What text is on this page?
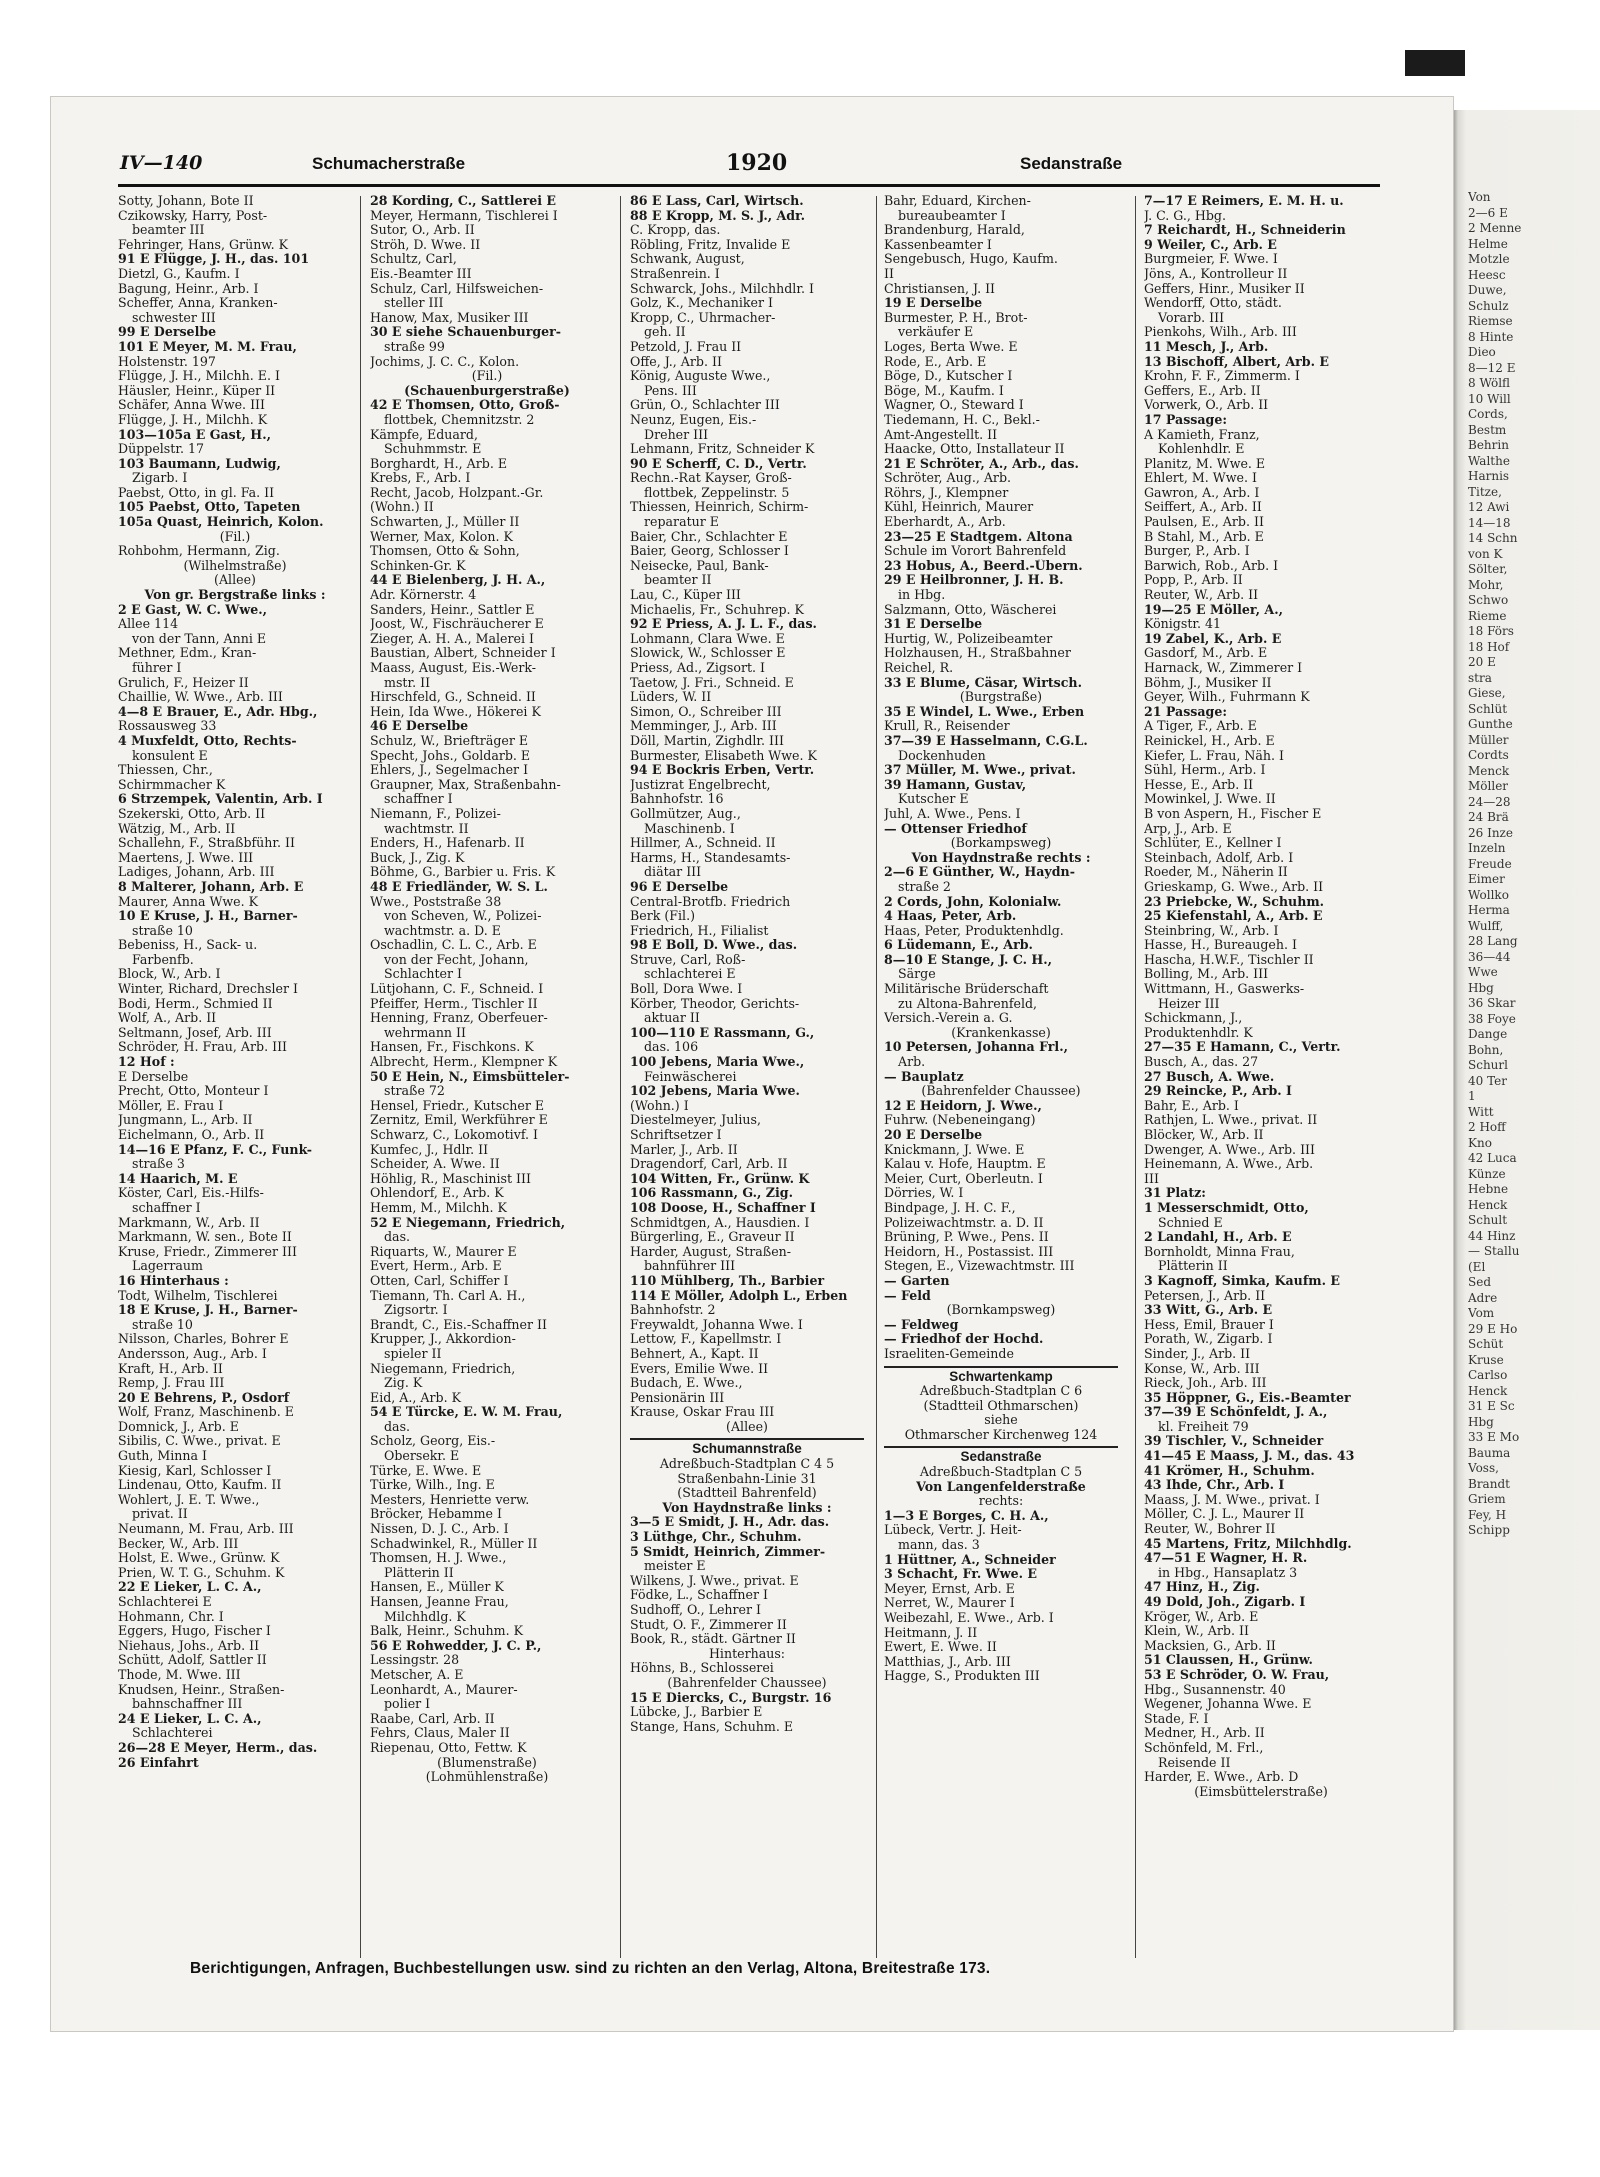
Von
2—6 E
2 Menne
Helme
Motzle
Heesc
Duwe,
Schulz
Riemse
8 Hinte
Dieo
8—12 E
8 Wölfl
10 Will
Cords,
Bestm
Behrin
Walthe
Harnis
Titze,
12 Awi
14—18
14 Schn
von K
Sölter,
Mohr,
Schwo
Rieme
18 Förs
18 Hof
20 E
stra
Giese,
Schlüt
Gunthe
Müller
Cordts
Menck
Möller
24—28
24 Brä
26 Inze
Inzeln
Freude
Eimer
Wollko
Herma
Wulff,
28 Lang
36—44
Wwe
Hbg
36 Skar
38 Foye
Dange
Bohn,
Schurl
40 Ter
1
Witt
2 Hoff
Kno
42 Luca
Künze
Hebne
Henck
Schult
44 Hinz
— Stallu
(El
Sed
Adre
Vom
29 E Ho
Schüt
Kruse
Carlso
Henck
31 E Sc
Hbg
33 E Mo
Bauma
Voss,
Brandt
Griem
Fey, H
Schipp
IV—140	Schumacherstraße	1920	Sedanstraße
Sotty, Johann, Bote II
Czikowsky, Harry, Post-
beamter III
Fehringer, Hans, Grünw. K
91 E Flügge, J. H., das. 101
Dietzl, G., Kaufm. I
Bagung, Heinr., Arb. I
Scheffer, Anna, Kranken-
schwester III
99 E Derselbe
101 E Meyer, M. M. Frau,
Holstenstr. 197
Flügge, J. H., Milchh. E. I
Häusler, Heinr., Küper II
Schäfer, Anna Wwe. III
Flügge, J. H., Milchh. K
103—105a E Gast, H.,
Düppelstr. 17
103 Baumann, Ludwig,
Zigarb. I
Paebst, Otto, in gl. Fa. II
105 Paebst, Otto, Tapeten
105a Quast, Heinrich, Kolon.
(Fil.)
Rohbohm, Hermann, Zig.
(Wilhelmstraße)
(Allee)
Von gr. Bergstraße links :
2 E Gast, W. C. Wwe.,
Allee 114
von der Tann, Anni E
Methner, Edm., Kran-
führer I
Grulich, F., Heizer II
Chaillie, W. Wwe., Arb. III
4—8 E Brauer, E., Adr. Hbg.,
Rossausweg 33
4 Muxfeldt, Otto, Rechts-
konsulent E
Thiessen, Chr.,
Schirmmacher K
6 Strzempek, Valentin, Arb. I
Szekerski, Otto, Arb. II
Wätzig, M., Arb. II
Schallehn, F., Straßbführ. II
Maertens, J. Wwe. III
Ladiges, Johann, Arb. III
8 Malterer, Johann, Arb. E
Maurer, Anna Wwe. K
10 E Kruse, J. H., Barner-
straße 10
Bebeniss, H., Sack- u.
Farbenfb.
Block, W., Arb. I
Winter, Richard, Drechsler I
Bodi, Herm., Schmied II
Wolf, A., Arb. II
Seltmann, Josef, Arb. III
Schröder, H. Frau, Arb. III
12 Hof :
E Derselbe
Precht, Otto, Monteur I
Möller, E. Frau I
Jungmann, L., Arb. II
Eichelmann, O., Arb. II
14—16 E Pfanz, F. C., Funk-
straße 3
14 Haarich, M. E
Köster, Carl, Eis.-Hilfs-
schaffner I
Markmann, W., Arb. II
Markmann, W. sen., Bote II
Kruse, Friedr., Zimmerer III
Lagerraum
16 Hinterhaus :
Todt, Wilhelm, Tischlerei
18 E Kruse, J. H., Barner-
straße 10
Nilsson, Charles, Bohrer E
Andersson, Aug., Arb. I
Kraft, H., Arb. II
Remp, J. Frau III
20 E Behrens, P., Osdorf
Wolf, Franz, Maschinenb. E
Domnick, J., Arb. E
Sibilis, C. Wwe., privat. E
Guth, Minna I
Kiesig, Karl, Schlosser I
Lindenau, Otto, Kaufm. II
Wohlert, J. E. T. Wwe.,
privat. II
Neumann, M. Frau, Arb. III
Becker, W., Arb. III
Holst, E. Wwe., Grünw. K
Prien, W. T. G., Schuhm. K
22 E Lieker, L. C. A.,
Schlachterei E
Hohmann, Chr. I
Eggers, Hugo, Fischer I
Niehaus, Johs., Arb. II
Schütt, Adolf, Sattler II
Thode, M. Wwe. III
Knudsen, Heinr., Straßen-
bahnschaffner III
24 E Lieker, L. C. A.,
Schlachterei
26—28 E Meyer, Herm., das.
26 Einfahrt
28 Kording, C., Sattlerei E
Meyer, Hermann, Tischlerei I
Sutor, O., Arb. II
Ströh, D. Wwe. II
Schultz, Carl,
Eis.-Beamter III
Schulz, Carl, Hilfsweichen-
steller III
Hanow, Max, Musiker III
30 E siehe Schauenburger-
straße 99
Jochims, J. C. C., Kolon.
(Fil.)
(Schauenburgerstraße)
42 E Thomsen, Otto, Groß-
flottbek, Chemnitzstr. 2
Kämpfe, Eduard,
Schuhmmstr. E
Borghardt, H., Arb. E
Krebs, F., Arb. I
Recht, Jacob, Holzpant.-Gr.
(Wohn.) II
Schwarten, J., Müller II
Werner, Max, Kolon. K
Thomsen, Otto & Sohn,
Schinken-Gr. K
44 E Bielenberg, J. H. A.,
Adr. Körnerstr. 4
Sanders, Heinr., Sattler E
Joost, W., Fischräucherer E
Zieger, A. H. A., Malerei I
Baustian, Albert, Schneider I
Maass, August, Eis.-Werk-
mstr. II
Hirschfeld, G., Schneid. II
Hein, Ida Wwe., Hökerei K
46 E Derselbe
Schulz, W., Briefträger E
Specht, Johs., Goldarb. E
Ehlers, J., Segelmacher I
Graupner, Max, Straßenbahn-
schaffner I
Niemann, F., Polizei-
wachtmstr. II
Enders, H., Hafenarb. II
Buck, J., Zig. K
Böhme, G., Barbier u. Fris. K
48 E Friedländer, W. S. L.
Wwe., Poststraße 38
von Scheven, W., Polizei-
wachtmstr. a. D. E
Oschadlin, C. L. C., Arb. E
von der Fecht, Johann,
Schlachter I
Lütjohann, C. F., Schneid. I
Pfeiffer, Herm., Tischler II
Henning, Franz, Oberfeuer-
wehrmann II
Hansen, Fr., Fischkons. K
Albrecht, Herm., Klempner K
50 E Hein, N., Eimsbütteler-
straße 72
Hensel, Friedr., Kutscher E
Zernitz, Emil, Werkführer E
Schwarz, C., Lokomotivf. I
Kumfec, J., Hdlr. II
Scheider, A. Wwe. II
Höhlig, R., Maschinist III
Ohlendorf, E., Arb. K
Hemm, M., Milchh. K
52 E Niegemann, Friedrich,
das.
Riquarts, W., Maurer E
Evert, Herm., Arb. E
Otten, Carl, Schiffer I
Tiemann, Th. Carl A. H.,
Zigsortr. I
Brandt, C., Eis.-Schaffner II
Krupper, J., Akkordion-
spieler II
Niegemann, Friedrich,
Zig. K
Eid, A., Arb. K
54 E Türcke, E. W. M. Frau,
das.
Scholz, Georg, Eis.-
Obersekr. E
Türke, E. Wwe. E
Türke, Wilh., Ing. E
Mesters, Henriette verw.
Bröcker, Hebamme I
Nissen, D. J. C., Arb. I
Schadwinkel, R., Müller II
Thomsen, H. J. Wwe.,
Plätterin II
Hansen, E., Müller K
Hansen, Jeanne Frau,
Milchhdlg. K
Balk, Heinr., Schuhm. K
56 E Rohwedder, J. C. P.,
Lessingstr. 28
Metscher, A. E
Leonhardt, A., Maurer-
polier I
Raabe, Carl, Arb. II
Fehrs, Claus, Maler II
Riepenau, Otto, Fettw. K
(Blumenstraße)
(Lohmühlenstraße)
86 E Lass, Carl, Wirtsch.
88 E Kropp, M. S. J., Adr.
C. Kropp, das.
Röbling, Fritz, Invalide E
Schwank, August,
Straßenrein. I
Schwarck, Johs., Milchhdlr. I
Golz, K., Mechaniker I
Kropp, C., Uhrmacher-
geh. II
Petzold, J. Frau II
Offe, J., Arb. II
König, Auguste Wwe.,
Pens. III
Grün, O., Schlachter III
Neunz, Eugen, Eis.-
Dreher III
Lehmann, Fritz, Schneider K
90 E Scherff, C. D., Vertr.
Rechn.-Rat Kayser, Groß-
flottbek, Zeppelinstr. 5
Thiessen, Heinrich, Schirm-
reparatur E
Baier, Chr., Schlachter E
Baier, Georg, Schlosser I
Neisecke, Paul, Bank-
beamter II
Lau, C., Küper III
Michaelis, Fr., Schuhrep. K
92 E Priess, A. J. L. F., das.
Lohmann, Clara Wwe. E
Slowick, W., Schlosser E
Priess, Ad., Zigsort. I
Taetow, J. Fri., Schneid. E
Lüders, W. II
Simon, O., Schreiber III
Memminger, J., Arb. III
Döll, Martin, Zighdlr. III
Burmester, Elisabeth Wwe. K
94 E Bockris Erben, Vertr.
Justizrat Engelbrecht,
Bahnhofstr. 16
Gollmützer, Aug.,
Maschinenb. I
Hillmer, A., Schneid. II
Harms, H., Standesamts-
diätar III
96 E Derselbe
Central-Brotfb. Friedrich
Berk (Fil.)
Friedrich, H., Filialist
98 E Boll, D. Wwe., das.
Struve, Carl, Roß-
schlachterei E
Boll, Dora Wwe. I
Körber, Theodor, Gerichts-
aktuar II
100—110 E Rassmann, G.,
das. 106
100 Jebens, Maria Wwe.,
Feinwäscherei
102 Jebens, Maria Wwe.
(Wohn.) I
Diestelmeyer, Julius,
Schriftsetzer I
Marler, J., Arb. II
Dragendorf, Carl, Arb. II
104 Witten, Fr., Grünw. K
106 Rassmann, G., Zig.
108 Doose, H., Schaffner I
Schmidtgen, A., Hausdien. I
Bürgerling, E., Graveur II
Harder, August, Straßen-
bahnführer III
110 Mühlberg, Th., Barbier
114 E Möller, Adolph L., Erben
Bahnhofstr. 2
Freywaldt, Johanna Wwe. I
Lettow, F., Kapellmstr. I
Behnert, A., Kapt. II
Evers, Emilie Wwe. II
Budach, E. Wwe.,
Pensionärin III
Krause, Oskar Frau III
(Allee)
Schumannstraße
Adreßbuch-Stadtplan C 4 5
Straßenbahn-Linie 31
(Stadtteil Bahrenfeld)
Von Haydnstraße links :
3—5 E Smidt, J. H., Adr. das.
3 Lüthge, Chr., Schuhm.
5 Smidt, Heinrich, Zimmer-
meister E
Wilkens, J. Wwe., privat. E
Födke, L., Schaffner I
Sudhoff, O., Lehrer I
Studt, O. F., Zimmerer II
Book, R., städt. Gärtner II
Hinterhaus:
Höhns, B., Schlosserei
(Bahrenfelder Chaussee)
15 E Diercks, C., Burgstr. 16
Lübcke, J., Barbier E
Stange, Hans, Schuhm. E
Bahr, Eduard, Kirchen-
bureaubeamter I
Brandenburg, Harald,
Kassenbeamter I
Sengebusch, Hugo, Kaufm.
II
Christiansen, J. II
19 E Derselbe
Burmester, P. H., Brot-
verkäufer E
Loges, Berta Wwe. E
Rode, E., Arb. E
Böge, D., Kutscher I
Böge, M., Kaufm. I
Wagner, O., Steward I
Tiedemann, H. C., Bekl.-
Amt-Angestellt. II
Haacke, Otto, Installateur II
21 E Schröter, A., Arb., das.
Schröter, Aug., Arb.
Röhrs, J., Klempner
Kühl, Heinrich, Maurer
Eberhardt, A., Arb.
23—25 E Stadtgem. Altona
Schule im Vorort Bahrenfeld
23 Hobus, A., Beerd.-Übern.
29 E Heilbronner, J. H. B.
in Hbg.
Salzmann, Otto, Wäscherei
31 E Derselbe
Hurtig, W., Polizeibeamter
Holzhausen, H., Straßbahner
Reichel, R.
33 E Blume, Cäsar, Wirtsch.
(Burgstraße)
35 E Windel, L. Wwe., Erben
Krull, R., Reisender
37—39 E Hasselmann, C.G.L.
Dockenhuden
37 Müller, M. Wwe., privat.
39 Hamann, Gustav,
Kutscher E
Juhl, A. Wwe., Pens. I
— Ottenser Friedhof
(Borkampsweg)
Von Haydnstraße rechts :
2—6 E Günther, W., Haydn-
straße 2
2 Cords, John, Kolonialw.
4 Haas, Peter, Arb.
Haas, Peter, Produktenhdlg.
6 Lüdemann, E., Arb.
8—10 E Stange, J. C. H.,
Särge
Militärische Brüderschaft
zu Altona-Bahrenfeld,
Versich.-Verein a. G.
(Krankenkasse)
10 Petersen, Johanna Frl.,
Arb.
— Bauplatz
(Bahrenfelder Chaussee)
12 E Heidorn, J. Wwe.,
Fuhrw. (Nebeneingang)
20 E Derselbe
Knickmann, J. Wwe. E
Kalau v. Hofe, Hauptm. E
Meier, Curt, Oberleutn. I
Dörries, W. I
Bindpage, J. H. C. F.,
Polizeiwachtmstr. a. D. II
Brüning, P. Wwe., Pens. II
Heidorn, H., Postassist. III
Stegen, E., Vizewachtmstr. III
— Garten
— Feld
(Bornkampsweg)
— Feldweg
— Friedhof der Hochd.
Israeliten-Gemeinde
Schwartenkamp
Adreßbuch-Stadtplan C 6
(Stadtteil Othmarschen)
siehe
Othmarscher Kirchenweg 124
Sedanstraße
Adreßbuch-Stadtplan C 5
Von Langenfelderstraße
rechts:
1—3 E Borges, C. H. A.,
Lübeck, Vertr. J. Heit-
mann, das. 3
1 Hüttner, A., Schneider
3 Schacht, Fr. Wwe. E
Meyer, Ernst, Arb. E
Nerret, W., Maurer I
Weibezahl, E. Wwe., Arb. I
Heitmann, J. II
Ewert, E. Wwe. II
Matthias, J., Arb. III
Hagge, S., Produkten III
7—17 E Reimers, E. M. H. u.
J. C. G., Hbg.
7 Reichardt, H., Schneiderin
9 Weiler, C., Arb. E
Burgmeier, F. Wwe. I
Jöns, A., Kontrolleur II
Geffers, Hinr., Musiker II
Wendorff, Otto, städt.
Vorarb. III
Pienkohs, Wilh., Arb. III
11 Mesch, J., Arb.
13 Bischoff, Albert, Arb. E
Krohn, F. F., Zimmerm. I
Geffers, E., Arb. II
Vorwerk, O., Arb. II
17 Passage:
A Kamieth, Franz,
Kohlenhdlr. E
Planitz, M. Wwe. E
Ehlert, M. Wwe. I
Gawron, A., Arb. I
Seiffert, A., Arb. II
Paulsen, E., Arb. II
B Stahl, M., Arb. E
Burger, P., Arb. I
Barwich, Rob., Arb. I
Popp, P., Arb. II
Reuter, W., Arb. II
19—25 E Möller, A.,
Königstr. 41
19 Zabel, K., Arb. E
Gasdorf, M., Arb. E
Harnack, W., Zimmerer I
Böhm, J., Musiker II
Geyer, Wilh., Fuhrmann K
21 Passage:
A Tiger, F., Arb. E
Reinickel, H., Arb. E
Kiefer, L. Frau, Näh. I
Sühl, Herm., Arb. I
Hesse, E., Arb. II
Mowinkel, J. Wwe. II
B von Aspern, H., Fischer E
Arp, J., Arb. E
Schlüter, E., Kellner I
Steinbach, Adolf, Arb. I
Roeder, M., Näherin II
Grieskamp, G. Wwe., Arb. II
23 Priebcke, W., Schuhm.
25 Kiefenstahl, A., Arb. E
Steinbring, W., Arb. I
Hasse, H., Bureaugeh. I
Hascha, H.W.F., Tischler II
Bolling, M., Arb. III
Wittmann, H., Gaswerks-
Heizer III
Schickmann, J.,
Produktenhdlr. K
27—35 E Hamann, C., Vertr.
Busch, A., das. 27
27 Busch, A. Wwe.
29 Reincke, P., Arb. I
Bahr, E., Arb. I
Rathjen, L. Wwe., privat. II
Blöcker, W., Arb. II
Dwenger, A. Wwe., Arb. III
Heinemann, A. Wwe., Arb.
III
31 Platz:
1 Messerschmidt, Otto,
Schnied E
2 Landahl, H., Arb. E
Bornholdt, Minna Frau,
Plätterin II
3 Kagnoff, Simka, Kaufm. E
Petersen, J., Arb. II
33 Witt, G., Arb. E
Hess, Emil, Brauer I
Porath, W., Zigarb. I
Sinder, J., Arb. II
Konse, W., Arb. III
Rieck, Joh., Arb. III
35 Höppner, G., Eis.-Beamter
37—39 E Schönfeldt, J. A.,
kl. Freiheit 79
39 Tischler, V., Schneider
41—45 E Maass, J. M., das. 43
41 Krömer, H., Schuhm.
43 Ihde, Chr., Arb. I
Maass, J. M. Wwe., privat. I
Möller, C. J. L., Maurer II
Reuter, W., Bohrer II
45 Martens, Fritz, Milchhdlg.
47—51 E Wagner, H. R.
in Hbg., Hansaplatz 3
47 Hinz, H., Zig.
49 Dold, Joh., Zigarb. I
Kröger, W., Arb. E
Klein, W., Arb. II
Macksien, G., Arb. II
51 Claussen, H., Grünw.
53 E Schröder, O. W. Frau,
Hbg., Susannenstr. 40
Wegener, Johanna Wwe. E
Stade, F. I
Medner, H., Arb. II
Schönfeld, M. Frl.,
Reisende II
Harder, E. Wwe., Arb. D
(Eimsbüttelerstraße)
Berichtigungen, Anfragen, Buchbestellungen usw. sind zu richten an den Verlag, Altona, Breitestraße 173.
